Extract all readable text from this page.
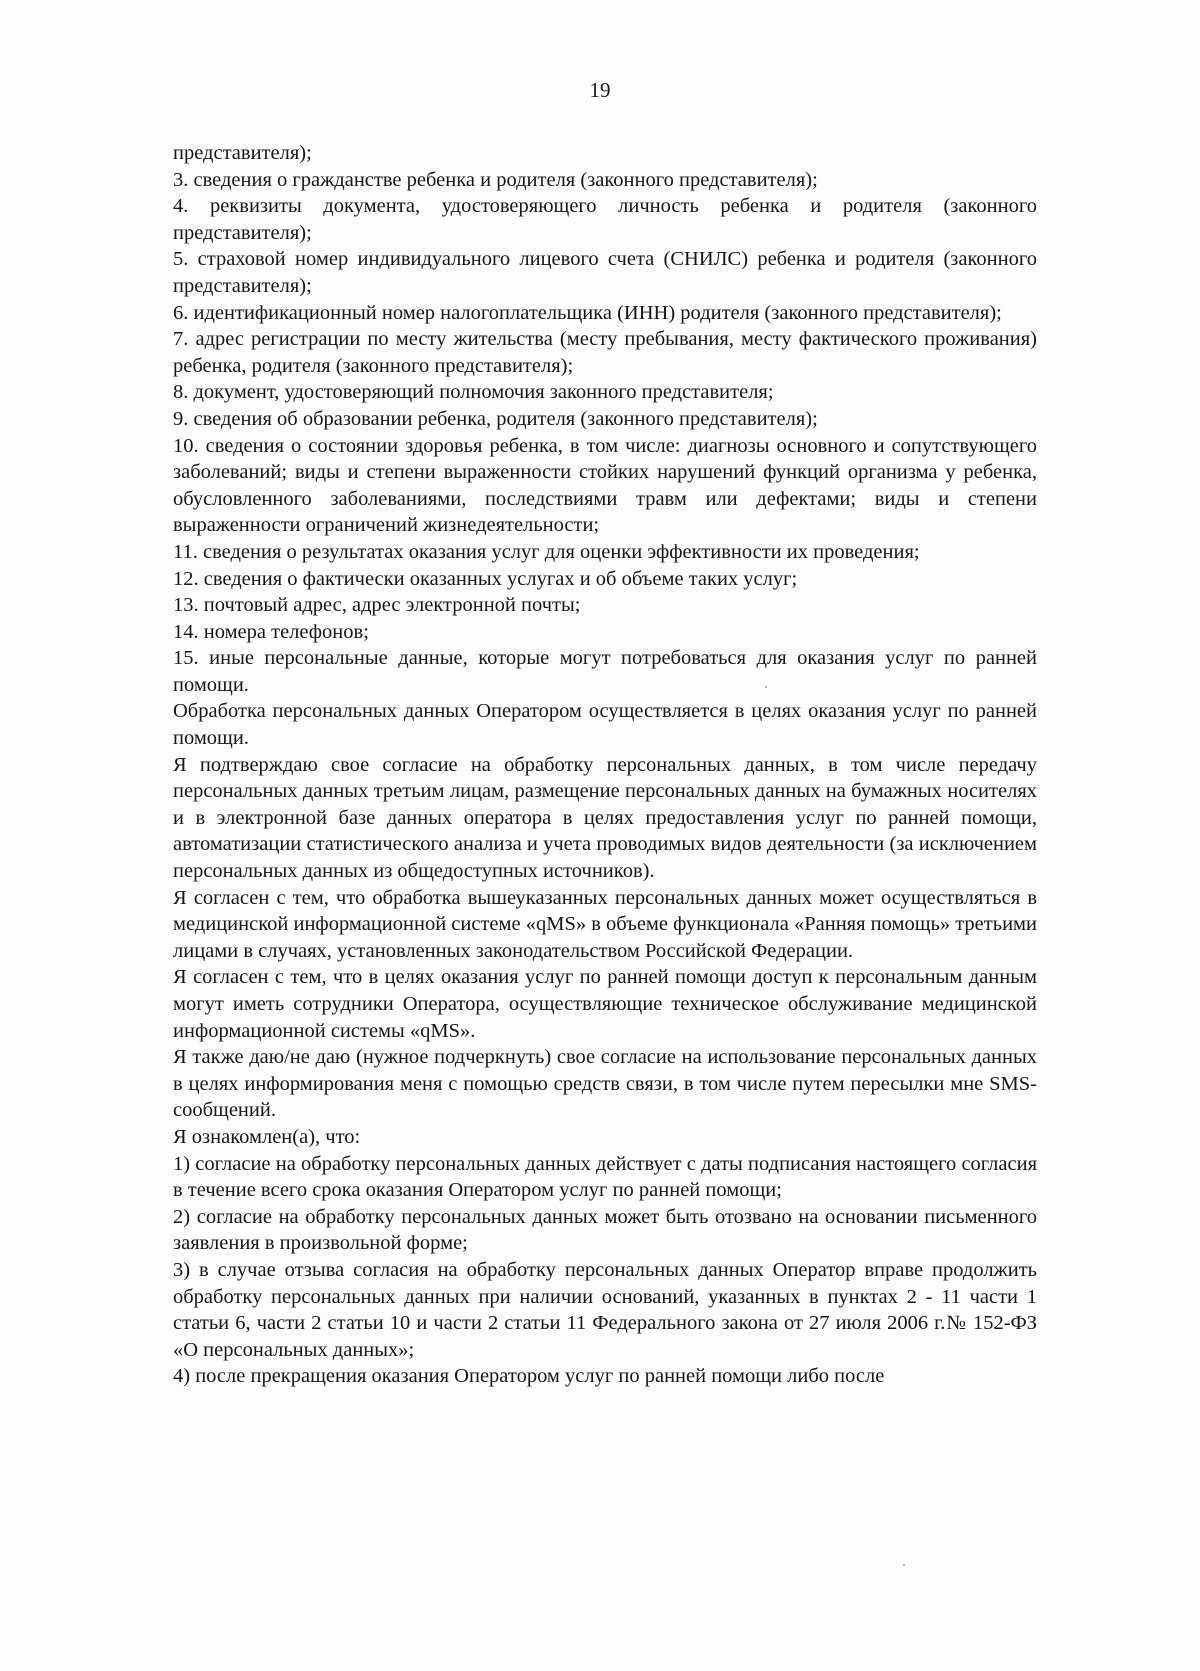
19

представителя);

3. сведения о гражданстве ребенка и родителя (законного представителя);

4. реквизиты документа, удостоверяющего личность ребенка и родителя (законного представителя);

5. страховой номер индивидуального лицевого счета (СНИЛС) ребенка и родителя (законного представителя);

6. идентификационный номер налогоплательщика (ИНН) родителя (законного представителя);

7. адрес регистрации по месту жительства (месту пребывания, месту фактического проживания) ребенка, родителя (законного представителя);

8. документ, удостоверяющий полномочия законного представителя;

9. сведения об образовании ребенка, родителя (законного представителя);

10. сведения о состоянии здоровья ребенка, в том числе: диагнозы основного и сопутствующего заболеваний; виды и степени выраженности стойких нарушений функций организма у ребенка, обусловленного заболеваниями, последствиями травм или дефектами; виды и степени выраженности ограничений жизнедеятельности;

11. сведения о результатах оказания услуг для оценки эффективности их проведения;

12. сведения о фактически оказанных услугах и об объеме таких услуг;

13. почтовый адрес, адрес электронной почты;

14. номера телефонов;

15. иные персональные данные, которые могут потребоваться для оказания услуг по ранней помощи.

Обработка персональных данных Оператором осуществляется в целях оказания услуг по ранней помощи.

Я подтверждаю свое согласие на обработку персональных данных, в том числе передачу персональных данных третьим лицам, размещение персональных данных на бумажных носителях и в электронной базе данных оператора в целях предоставления услуг по ранней помощи, автоматизации статистического анализа и учета проводимых видов деятельности (за исключением персональных данных из общедоступных источников).

Я согласен с тем, что обработка вышеуказанных персональных данных может осуществляться в медицинской информационной системе «qMS» в объеме функционала «Ранняя помощь» третьими лицами в случаях, установленных законодательством Российской Федерации.

Я согласен с тем, что в целях оказания услуг по ранней помощи доступ к персональным данным могут иметь сотрудники Оператора, осуществляющие техническое обслуживание медицинской информационной системы «qMS».

Я также даю/не даю (нужное подчеркнуть) свое согласие на использование персональных данных в целях информирования меня с помощью средств связи, в том числе путем пересылки мне SMS-сообщений.

Я ознакомлен(а), что:

1) согласие на обработку персональных данных действует с даты подписания настоящего согласия в течение всего срока оказания Оператором услуг по ранней помощи;

2) согласие на обработку персональных данных может быть отозвано на основании письменного заявления в произвольной форме;

3) в случае отзыва согласия на обработку персональных данных Оператор вправе продолжить обработку персональных данных при наличии оснований, указанных в пунктах 2 - 11 части 1 статьи 6, части 2 статьи 10 и части 2 статьи 11 Федерального закона от 27 июля 2006 г.№ 152-ФЗ «О персональных данных»;

4) после прекращения оказания Оператором услуг по ранней помощи либо после
